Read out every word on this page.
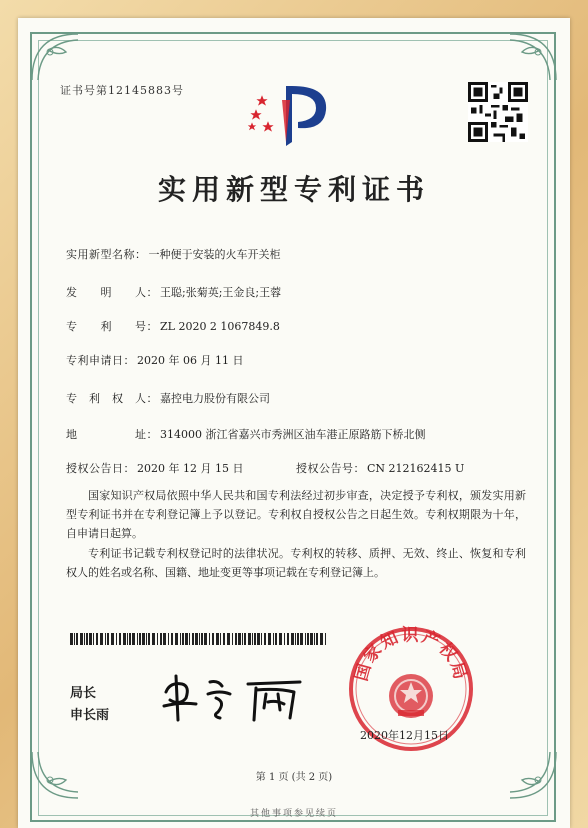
证书号第12145883号
实用新型专利证书
实用新型名称： 一种便于安装的火车开关柜
发　　明　　人： 王聪;张菊英;王金良;王蓉
专　　利　　号： ZL 2020 2 1067849.8
专利申请日： 2020 年 06 月 11 日
专　利　权　人： 嘉控电力股份有限公司
地　　　　　址： 314000 浙江省嘉兴市秀洲区油车港正原路筋下桥北侧
授权公告日： 2020 年 12 月 15 日	授权公告号： CN 212162415 U
国家知识产权局依照中华人民共和国专利法经过初步审查，决定授予专利权，颁发实用新型专利证书并在专利登记簿上予以登记。专利权自授权公告之日起生效。专利权期限为十年，自申请日起算。
专利证书记载专利权登记时的法律状况。专利权的转移、质押、无效、终止、恢复和专利权人的姓名或名称、国籍、地址变更等事项记载在专利登记簿上。
局长
申长雨
国家知识产权局
2020年12月15日
第 1 页 (共 2 页)
其他事项参见续页
